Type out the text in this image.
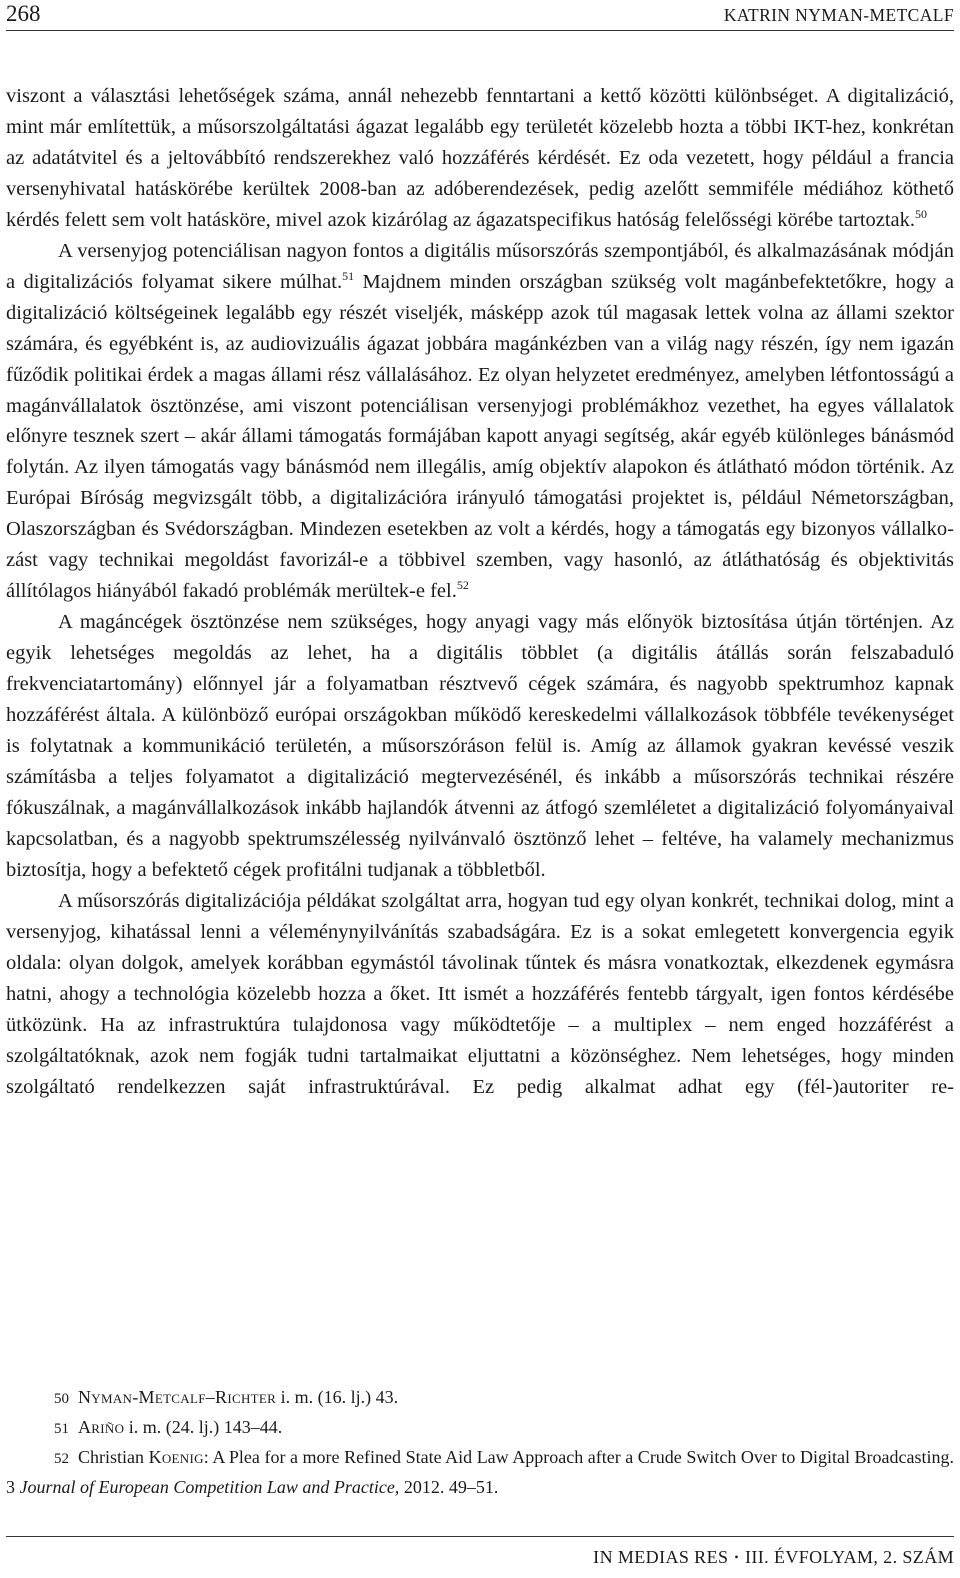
268	KATRIN NYMAN-METCALF

viszont a választási lehetőségek száma, annál nehezebb fenntartani a kettő közötti különbséget. A digitalizáció, mint már említettük, a műsorszolgáltatási ágazat legalább egy területét közelebb hozta a többi IKT-hez, konkrétan az adatátvitel és a jeltovábbító rendszerekhez való hozzáférés kérdését. Ez oda vezetett, hogy például a francia versenyhivatal hatáskörébe kerültek 2008-ban az adóberendezések, pedig azelőtt semmiféle médiához köthető kérdés felett sem volt hatásköre, mivel azok kizárólag az ágazatspecifikus hatóság felelősségi körébe tartoztak.$^{50}$

A versenyjog potenciálisan nagyon fontos a digitális műsorszórás szempontjából, és alkalmazásának módján a digitalizációs folyamat sikere múlhat.$^{51}$ Majdnem minden országban szükség volt magánbefektetőkre, hogy a digitalizáció költségeinek legalább egy részét viseljék, másképp azok túl magasak lettek volna az állami szektor számára, és egyébként is, az audiovizuális ágazat jobbára magánkézben van a világ nagy részén, így nem igazán fűződik politikai érdek a magas állami rész vállalásához. Ez olyan helyzetet eredményez, amelyben létfontosságú a magánvállalatok ösztönzése, ami viszont potenciálisan versenyjogi problémákhoz vezethet, ha egyes vállalatok előnyre tesznek szert – akár állami támogatás formájában kapott anyagi segítség, akár egyéb különleges bánásmód folytán. Az ilyen támogatás vagy bánásmód nem illegális, amíg objektív alapokon és átlátható módon történik. Az Európai Bíróság megvizsgált több, a digitalizációra irányuló támogatási projektet is, például Németországban, Olaszországban és Svédországban. Mindezen esetekben az volt a kérdés, hogy a támogatás egy bizonyos vállalkozást vagy technikai megoldást favorizál-e a többivel szemben, vagy hasonló, az átláthatóság és objektivitás állítólagos hiányából fakadó problémák merültek-e fel.$^{52}$

A magáncégek ösztönzése nem szükséges, hogy anyagi vagy más előnyök biztosítása útján történjen. Az egyik lehetséges megoldás az lehet, ha a digitális többlet (a digitális átállás során felszabaduló frekvenciatartomány) előnnyel jár a folyamatban résztvevő cégek számára, és nagyobb spektrumhoz kapnak hozzáférést általa. A különböző európai országokban működő kereskedelmi vállalkozások többféle tevékenységet is folytatnak a kommunikáció területén, a műsorszóráson felül is. Amíg az államok gyakran kevéssé veszik számításba a teljes folyamatot a digitalizáció megtervezésénél, és inkább a műsorszórás technikai részére fókuszálnak, a magánvállalkozások inkább hajlandók átvenni az átfogó szemléletet a digitalizáció folyományaival kapcsolatban, és a nagyobb spektrumszélesség nyilvánvaló ösztönző lehet – feltéve, ha valamely mechanizmus biztosítja, hogy a befektető cégek profitálni tudjanak a többletből.

A műsorszórás digitalizációja példákat szolgáltat arra, hogyan tud egy olyan konkrét, technikai dolog, mint a versenyjog, kihatással lenni a véleménynyilvánítás szabadságára. Ez is a sokat emlegetett konvergencia egyik oldala: olyan dolgok, amelyek korábban egymástól távolinak tűntek és másra vonatkoztak, elkezdenek egymásra hatni, ahogy a technológia közelebb hozza a őket. Itt ismét a hozzáférés fentebb tárgyalt, igen fontos kérdésébe ütközünk. Ha az infrastruktúra tulajdonosa vagy működtetője – a multiplex – nem enged hozzáférést a szolgáltatóknak, azok nem fogják tudni tartalmaikat eljuttatni a közönséghez. Nem lehetséges, hogy minden szolgáltató rendelkezzen saját infrastruktúrával. Ez pedig alkalmat adhat egy (fél-)autoriter re-

50 Nyman-Metcalf–Richter i. m. (16. lj.) 43.

51 Ariño i. m. (24. lj.) 143–44.

52 Christian Koenig: A Plea for a more Refined State Aid Law Approach after a Crude Switch Over to Digital Broadcasting. 3 Journal of European Competition Law and Practice, 2012. 49–51.

IN MEDIAS RES • III. ÉVFOLYAM, 2. SZÁM
